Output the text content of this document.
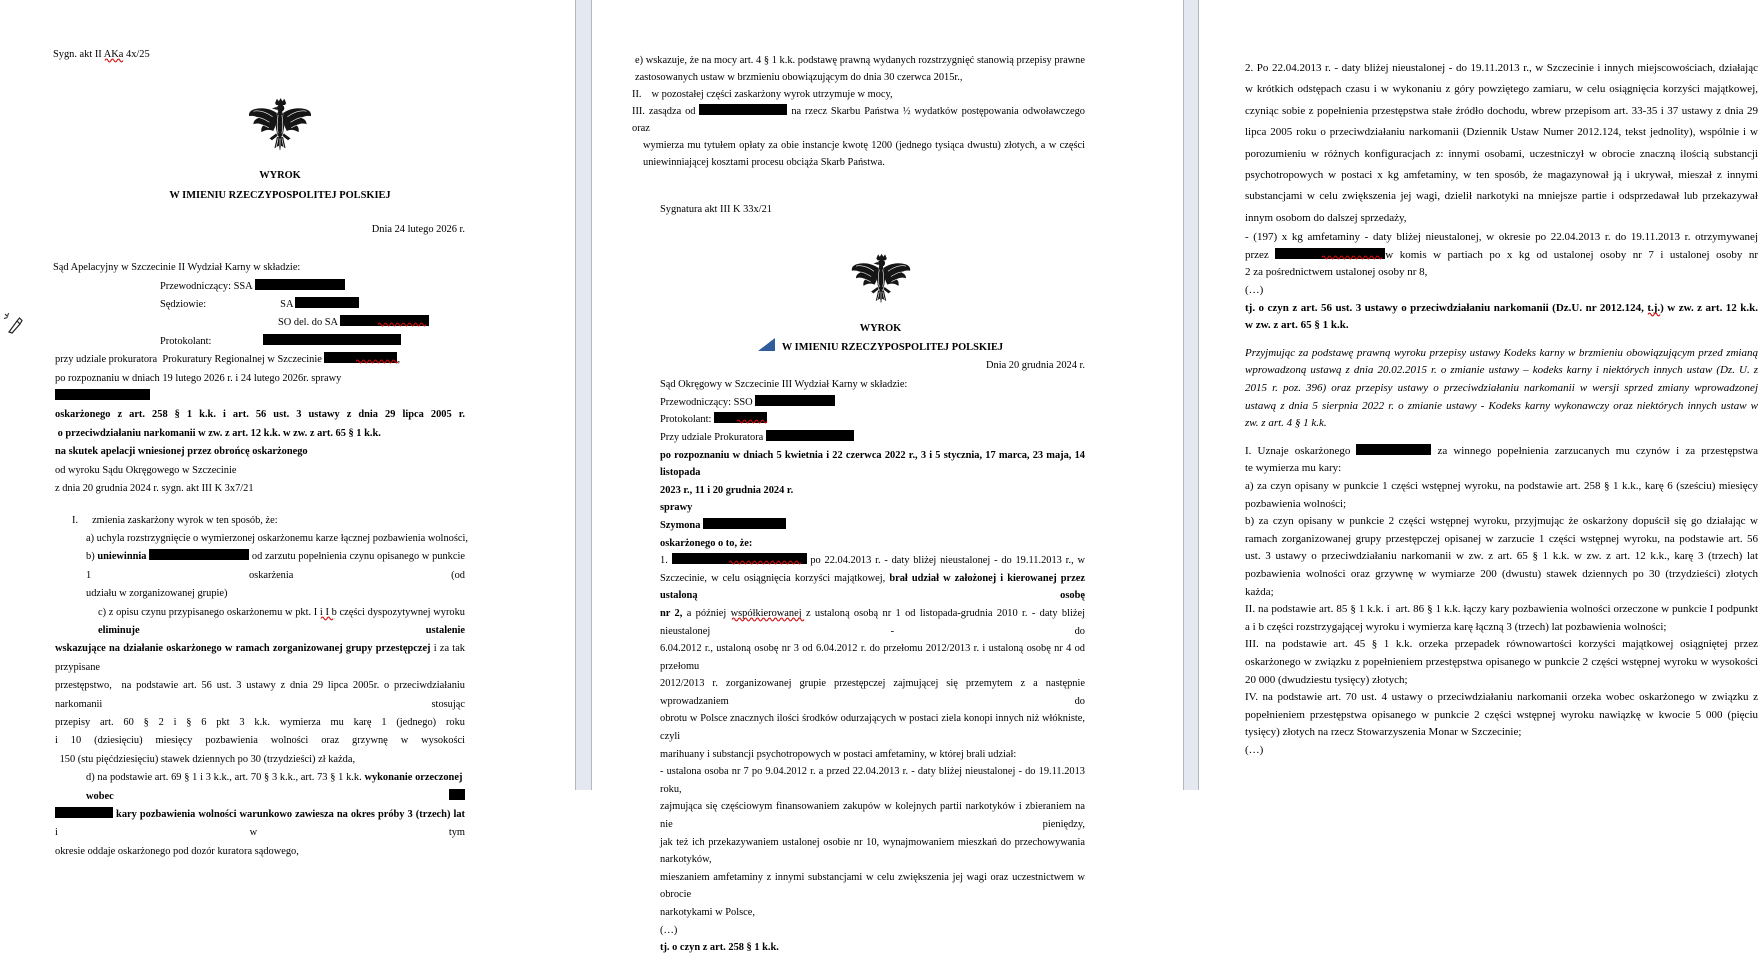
Sygn. akt II AKa
4x/25
WYROK
W IMIENIU RZECZYPOSPOLITEJ POLSKIEJ
Dnia 24 lutego 2026 r.
Sąd Apelacyjny w Szczecinie II Wydział Karny w składzie:
Przewodniczący: SSA
Sędziowie:	SA
SO del. do SA
Protokolant:
przy udziale prokuratora  Prokuratury Regionalnej w Szczecinie	,
po rozpoznaniu w dniach 19 lutego 2026 r. i 24 lutego 2026r. sprawy
oskarżonego z art. 258 § 1 k.k. i art. 56 ust. 3 ustawy z dnia 29 lipca 2005 r.
o przeciwdziałaniu narkomanii w zw. z art. 12 k.k. w zw. z art. 65 § 1 k.k.
na skutek apelacji wniesionej przez obrońcę oskarżonego
od wyroku Sądu Okręgowego w Szczecinie
z dnia 20 grudnia 2024 r. sygn. akt III K 3x7/21
I. zmienia zaskarżony wyrok w ten sposób, że:
a) uchyla rozstrzygnięcie o wymierzonej oskarżonemu karze łącznej pozbawienia wolności,
b) uniewinnia	od zarzutu popełnienia czynu opisanego w punkcie 1 oskarżenia (od
udziału w zorganizowanej grupie)
c) z opisu czynu przypisanego oskarżonemu w pkt. I i I
b części dyspozytywnej wyroku eliminuje ustalenie
wskazujące na działanie oskarżonego w ramach zorganizowanej grupy przestępczej i za tak przypisane
przestępstwo,  na podstawie art. 56 ust. 3 ustawy z dnia 29 lipca 2005r. o przeciwdziałaniu narkomanii stosując
przepisy art. 60 § 2 i § 6 pkt 3 k.k. wymierza mu karę 1 (jednego) roku
i 10 (dziesięciu) miesięcy pozbawienia wolności oraz grzywnę w wysokości
150 (stu pięćdziesięciu) stawek dziennych po 30 (trzydzieści) zł każda,
d) na podstawie art. 69 § 1 i 3 k.k., art. 70 § 3 k.k., art. 73 § 1 k.k. wykonanie orzeczonej  wobec
kary pozbawienia wolności warunkowo zawiesza na okres próby 3 (trzech) lat i w tym
okresie oddaje oskarżonego pod dozór kuratora sądowego,
e) wskazuje, że na mocy art. 4 § 1 k.k. podstawę prawną wydanych rozstrzygnięć stanowią przepisy prawne
zastosowanych ustaw w brzmieniu obowiązującym do dnia 30 czerwca 2015r.,
II. w pozostałej części zaskarżony wyrok utrzymuje w mocy,
III. zasądza od	na rzecz Skarbu Państwa ½ wydatków postępowania odwoławczego oraz
wymierza mu tytułem opłaty za obie instancje kwotę 1200 (jednego tysiąca dwustu) złotych, a w części
uniewinniającej kosztami procesu obciąża Skarb Państwa.
Sygnatura akt III K 33x/21
WYROK
W IMIENIU RZECZYPOSPOLITEJ POLSKIEJ
Dnia 20 grudnia 2024 r.
Sąd Okręgowy w Szczecinie III Wydział Karny w składzie:
Przewodniczący: SSO
Protokolant:
Przy udziale Prokuratora
po rozpoznaniu w dniach 5 kwietnia i 22 czerwca 2022 r., 3 i 5 stycznia, 17 marca, 23 maja, 14 listopada
2023 r., 11 i 20 grudnia 2024 r.
sprawy
Szymona
oskarżonego o to, że:
1.	po 22.04.2013 r. - daty bliżej nieustalonej - do 19.11.2013 r., w
Szczecinie, w celu osiągnięcia korzyści majątkowej, brał udział w założonej i kierowanej przez ustaloną osobę
nr 2, a później współkierowanej
z ustaloną osobą nr 1 od listopada-grudnia 2010 r. - daty bliżej nieustalonej - do
6.04.2012 r., ustaloną osobę nr 3 od 6.04.2012 r. do przełomu 2012/2013 r. i ustaloną osobę nr 4 od przełomu
2012/2013 r. zorganizowanej grupie przestępczej zajmującej się przemytem z a następnie wprowadzaniem do
obrotu w Polsce znacznych ilości środków odurzających w postaci ziela konopi innych niż włókniste, czyli
marihuany i substancji psychotropowych w postaci amfetaminy, w której brali udział:
- ustalona osoba nr 7 po 9.04.2012 r. a przed 22.04.2013 r. - daty bliżej nieustalonej - do 19.11.2013 roku,
zajmująca się częściowym finansowaniem zakupów w kolejnych partii narkotyków i zbieraniem na nie pieniędzy,
jak też ich przekazywaniem ustalonej osobie nr 10, wynajmowaniem mieszkań do przechowywania narkotyków,
mieszaniem amfetaminy z innymi substancjami w celu zwiększenia jej wagi oraz uczestnictwem w obrocie
narkotykami w Polsce,
(…)
tj. o czyn z art. 258 § 1 k.k.
2. Po 22.04.2013 r. - daty bliżej nieustalonej - do 19.11.2013 r., w Szczecinie i innych miejscowościach, działając
w krótkich odstępach czasu i w wykonaniu z góry powziętego zamiaru, w celu osiągnięcia korzyści majątkowej,
czyniąc sobie z popełnienia przestępstwa stałe źródło dochodu, wbrew przepisom art. 33-35 i 37 ustawy z dnia 29
lipca 2005 roku o przeciwdziałaniu narkomanii (Dziennik Ustaw Numer 2012.124, tekst jednolity), wspólnie i w
porozumieniu w różnych konfiguracjach z: innymi osobami, uczestniczył w obrocie znaczną ilością substancji
psychotropowych w postaci x kg amfetaminy, w ten sposób, że magazynował ją i ukrywał, mieszał z innymi
substancjami w celu zwiększenia jej wagi, dzielił narkotyki na mniejsze partie i odsprzedawał lub przekazywał
innym osobom do dalszej sprzedaży,
- (197) x kg amfetaminy - daty bliżej nieustalonej, w okresie po 22.04.2013 r. do 19.11.2013 r. otrzymywanej
przez	w komis w partiach po x kg od ustalonej osoby nr 7 i ustalonej osoby nr
2 za pośrednictwem ustalonej osoby nr 8,
(…)
tj. o czyn z art. 56 ust. 3 ustawy o przeciwdziałaniu narkomanii (Dz.U. nr 2012.124, t.j.
) w zw. z art. 12 k.k.
w zw. z art. 65 § 1 k.k.
Przyjmując za podstawę prawną wyroku przepisy ustawy Kodeks karny w brzmieniu obowiązującym przed zmianą
wprowadzoną ustawą z dnia 20.02.2015 r. o zmianie ustawy – kodeks karny i niektórych innych ustaw (Dz. U. z
2015 r. poz. 396) oraz przepisy ustawy o przeciwdziałaniu narkomanii w wersji sprzed zmiany wprowadzonej
ustawą z dnia 5 sierpnia 2022 r. o zmianie ustawy - Kodeks karny wykonawczy oraz niektórych innych ustaw w
zw. z art. 4 § 1 k.k.
I. Uznaje oskarżonego	za winnego popełnienia zarzucanych mu czynów i za przestępstwa
te wymierza mu kary:
a) za czyn opisany w punkcie 1 części wstępnej wyroku, na podstawie art. 258 § 1 k.k., karę 6 (sześciu) miesięcy
pozbawienia wolności;
b) za czyn opisany w punkcie 2 części wstępnej wyroku, przyjmując że oskarżony dopuścił się go działając w
ramach zorganizowanej grupy przestępczej opisanej w zarzucie 1 części wstępnej wyroku, na podstawie art. 56
ust. 3 ustawy o przeciwdziałaniu narkomanii w zw. z art. 65 § 1 k.k. w zw. z art. 12 k.k., karę 3 (trzech) lat
pozbawienia wolności oraz grzywnę w wymiarze 200 (dwustu) stawek dziennych po 30 (trzydzieści) złotych
każda;
II. na podstawie art. 85 § 1 k.k. i  art. 86 § 1 k.k. łączy kary pozbawienia wolności orzeczone w punkcie I podpunkt
a i b części rozstrzygającej wyroku i wymierza karę łączną 3 (trzech) lat pozbawienia wolności;
III. na podstawie art. 45 § 1 k.k. orzeka przepadek równowartości korzyści majątkowej osiągniętej przez
oskarżonego w związku z popełnieniem przestępstwa opisanego w punkcie 2 części wstępnej wyroku w wysokości
20 000 (dwudziestu tysięcy) złotych;
IV. na podstawie art. 70 ust. 4 ustawy o przeciwdziałaniu narkomanii orzeka wobec oskarżonego w związku z
popełnieniem przestępstwa opisanego w punkcie 2 części wstępnej wyroku nawiązkę w kwocie 5 000 (pięciu
tysięcy) złotych na rzecz Stowarzyszenia Monar w Szczecinie;
(…)
